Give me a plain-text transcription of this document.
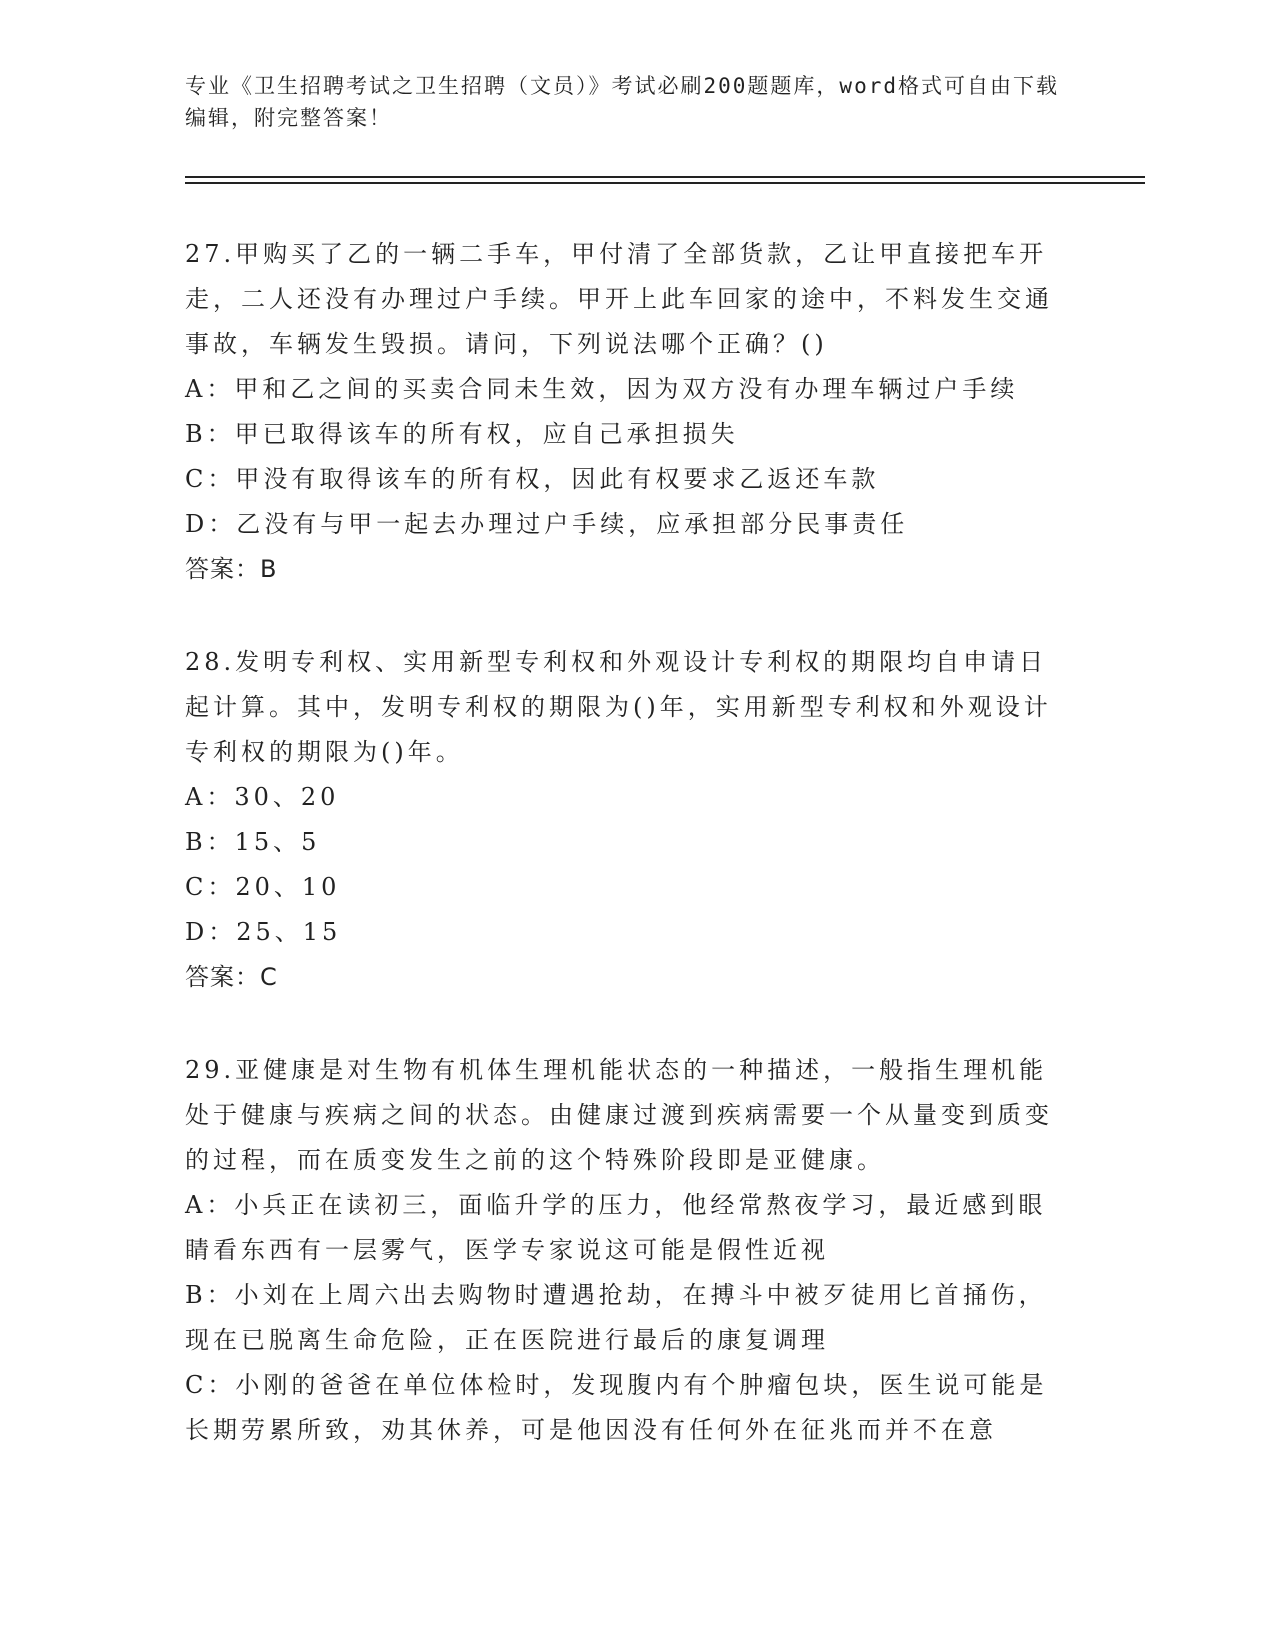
专业《卫生招聘考试之卫生招聘（文员）》考试必刷200题题库，word格式可自由下载编辑，附完整答案！

27.甲购买了乙的一辆二手车，甲付清了全部货款，乙让甲直接把车开走，二人还没有办理过户手续。甲开上此车回家的途中，不料发生交通事故，车辆发生毁损。请问，下列说法哪个正确？()

A：甲和乙之间的买卖合同未生效，因为双方没有办理车辆过户手续

B：甲已取得该车的所有权，应自己承担损失

C：甲没有取得该车的所有权，因此有权要求乙返还车款

D：乙没有与甲一起去办理过户手续，应承担部分民事责任

答案：B

28.发明专利权、实用新型专利权和外观设计专利权的期限均自申请日起计算。其中，发明专利权的期限为()年，实用新型专利权和外观设计专利权的期限为()年。

A：30、20

B：15、5

C：20、10

D：25、15

答案：C

29.亚健康是对生物有机体生理机能状态的一种描述，一般指生理机能处于健康与疾病之间的状态。由健康过渡到疾病需要一个从量变到质变的过程，而在质变发生之前的这个特殊阶段即是亚健康。

A：小兵正在读初三，面临升学的压力，他经常熬夜学习，最近感到眼睛看东西有一层雾气，医学专家说这可能是假性近视

B：小刘在上周六出去购物时遭遇抢劫，在搏斗中被歹徒用匕首捅伤，现在已脱离生命危险，正在医院进行最后的康复调理

C：小刚的爸爸在单位体检时，发现腹内有个肿瘤包块，医生说可能是长期劳累所致，劝其休养，可是他因没有任何外在征兆而并不在意
